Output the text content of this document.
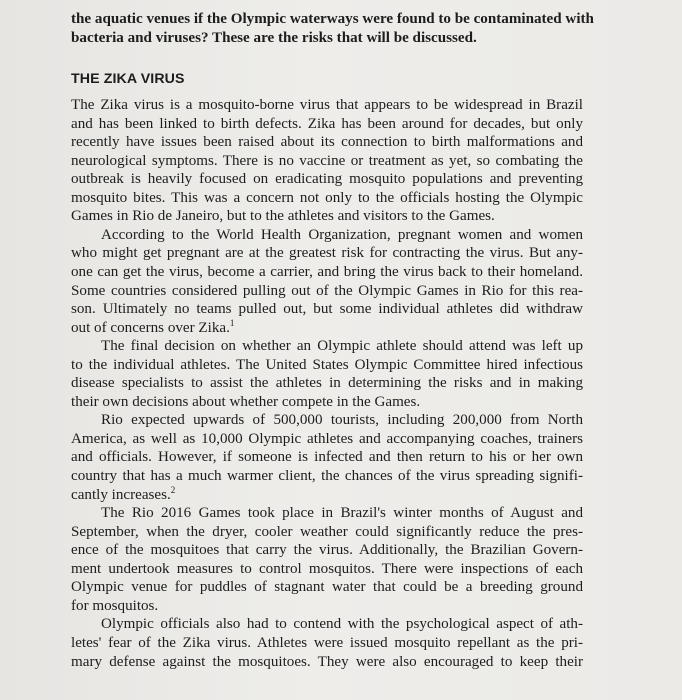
the aquatic venues if the Olympic waterways were found to be contaminated with
bacteria and viruses? These are the risks that will be discussed.
THE ZIKA VIRUS
The Zika virus is a mosquito-borne virus that appears to be widespread in Brazil
and has been linked to birth defects. Zika has been around for decades, but only
recently have issues been raised about its connection to birth malformations and
neurological symptoms. There is no vaccine or treatment as yet, so combating the
outbreak is heavily focused on eradicating mosquito populations and preventing
mosquito bites. This was a concern not only to the officials hosting the Olympic
Games in Rio de Janeiro, but to the athletes and visitors to the Games.
According to the World Health Organization, pregnant women and women
who might get pregnant are at the greatest risk for contracting the virus. But any-
one can get the virus, become a carrier, and bring the virus back to their homeland.
Some countries considered pulling out of the Olympic Games in Rio for this rea-
son. Ultimately no teams pulled out, but some individual athletes did withdraw
out of concerns over Zika.$^1$
The final decision on whether an Olympic athlete should attend was left up
to the individual athletes. The United States Olympic Committee hired infectious
disease specialists to assist the athletes in determining the risks and in making
their own decisions about whether compete in the Games.
Rio expected upwards of 500,000 tourists, including 200,000 from North
America, as well as 10,000 Olympic athletes and accompanying coaches, trainers
and officials. However, if someone is infected and then return to his or her own
country that has a much warmer client, the chances of the virus spreading signifi-
cantly increases.$^2$
The Rio 2016 Games took place in Brazil's winter months of August and
September, when the dryer, cooler weather could significantly reduce the pres-
ence of the mosquitoes that carry the virus. Additionally, the Brazilian Govern-
ment undertook measures to control mosquitos. There were inspections of each
Olympic venue for puddles of stagnant water that could be a breeding ground
for mosquitos.
Olympic officials also had to contend with the psychological aspect of ath-
letes' fear of the Zika virus. Athletes were issued mosquito repellant as the pri-
mary defense against the mosquitoes. They were also encouraged to keep their
